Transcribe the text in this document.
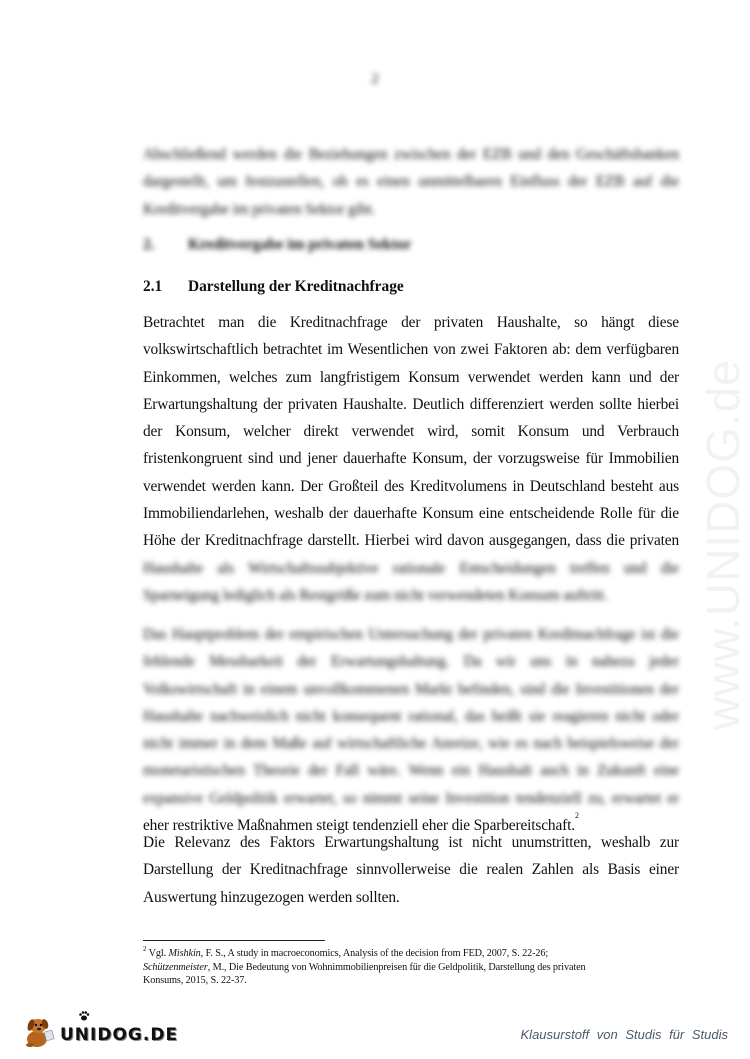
www.UNIDOG.de
2
Abschließend werden die Beziehungen zwischen der EZB und den Geschäftsbanken
dargestellt, um festzustellen, ob es einen unmittelbaren Einfluss der EZB auf die
Kreditvergabe im privaten Sektor gibt.
2. Kreditvergabe im privaten Sektor
2.1 Darstellung der Kreditnachfrage
Betrachtet man die Kreditnachfrage der privaten Haushalte, so hängt diese
volkswirtschaftlich betrachtet im Wesentlichen von zwei Faktoren ab: dem verfügbaren
Einkommen, welches zum langfristigem Konsum verwendet werden kann und der
Erwartungshaltung der privaten Haushalte. Deutlich differenziert werden sollte hierbei
der Konsum, welcher direkt verwendet wird, somit Konsum und Verbrauch
fristenkongruent sind und jener dauerhafte Konsum, der vorzugsweise für Immobilien
verwendet werden kann. Der Großteil des Kreditvolumens in Deutschland besteht aus
Immobiliendarlehen, weshalb der dauerhafte Konsum eine entscheidende Rolle für die
Höhe der Kreditnachfrage darstellt. Hierbei wird davon ausgegangen, dass die privaten
Haushalte als Wirtschaftssubjektive rationale Entscheidungen treffen und die
Sparneigung lediglich als Restgröße zum nicht verwendeten Konsum auftritt.
Das Hauptproblem der empirischen Untersuchung der privaten Kreditnachfrage ist die
fehlende Messbarkeit der Erwartungshaltung. Da wir uns in nahezu jeder
Volkswirtschaft in einem unvollkommenen Markt befinden, sind die Investitionen der
Haushalte nachweislich nicht konsequent rational, das heißt sie reagieren nicht oder
nicht immer in dem Maße auf wirtschaftliche Anreize, wie es nach beispielsweise der
monetaristischen Theorie der Fall wäre. Wenn ein Haushalt auch in Zukunft eine
expansive Geldpolitik erwartet, so nimmt seine Investition tendenziell zu, erwartet er
eher restriktive Maßnahmen steigt tendenziell eher die Sparbereitschaft.$^2$
Die Relevanz des Faktors Erwartungshaltung ist nicht unumstritten, weshalb zur
Darstellung der Kreditnachfrage sinnvollerweise die realen Zahlen als Basis einer
Auswertung hinzugezogen werden sollten.
$^2$ Vgl. Mishkin, F. S., A study in macroeconomics, Analysis of the decision from FED, 2007, S. 22-26;
Schützenmeister, M., Die Bedeutung von Wohnimmobilienpreisen für die Geldpolitik, Darstellung des privaten
Konsums, 2015, S. 22-37.
UNIDOG.DE	Klausurstoff von Studis für Studis
